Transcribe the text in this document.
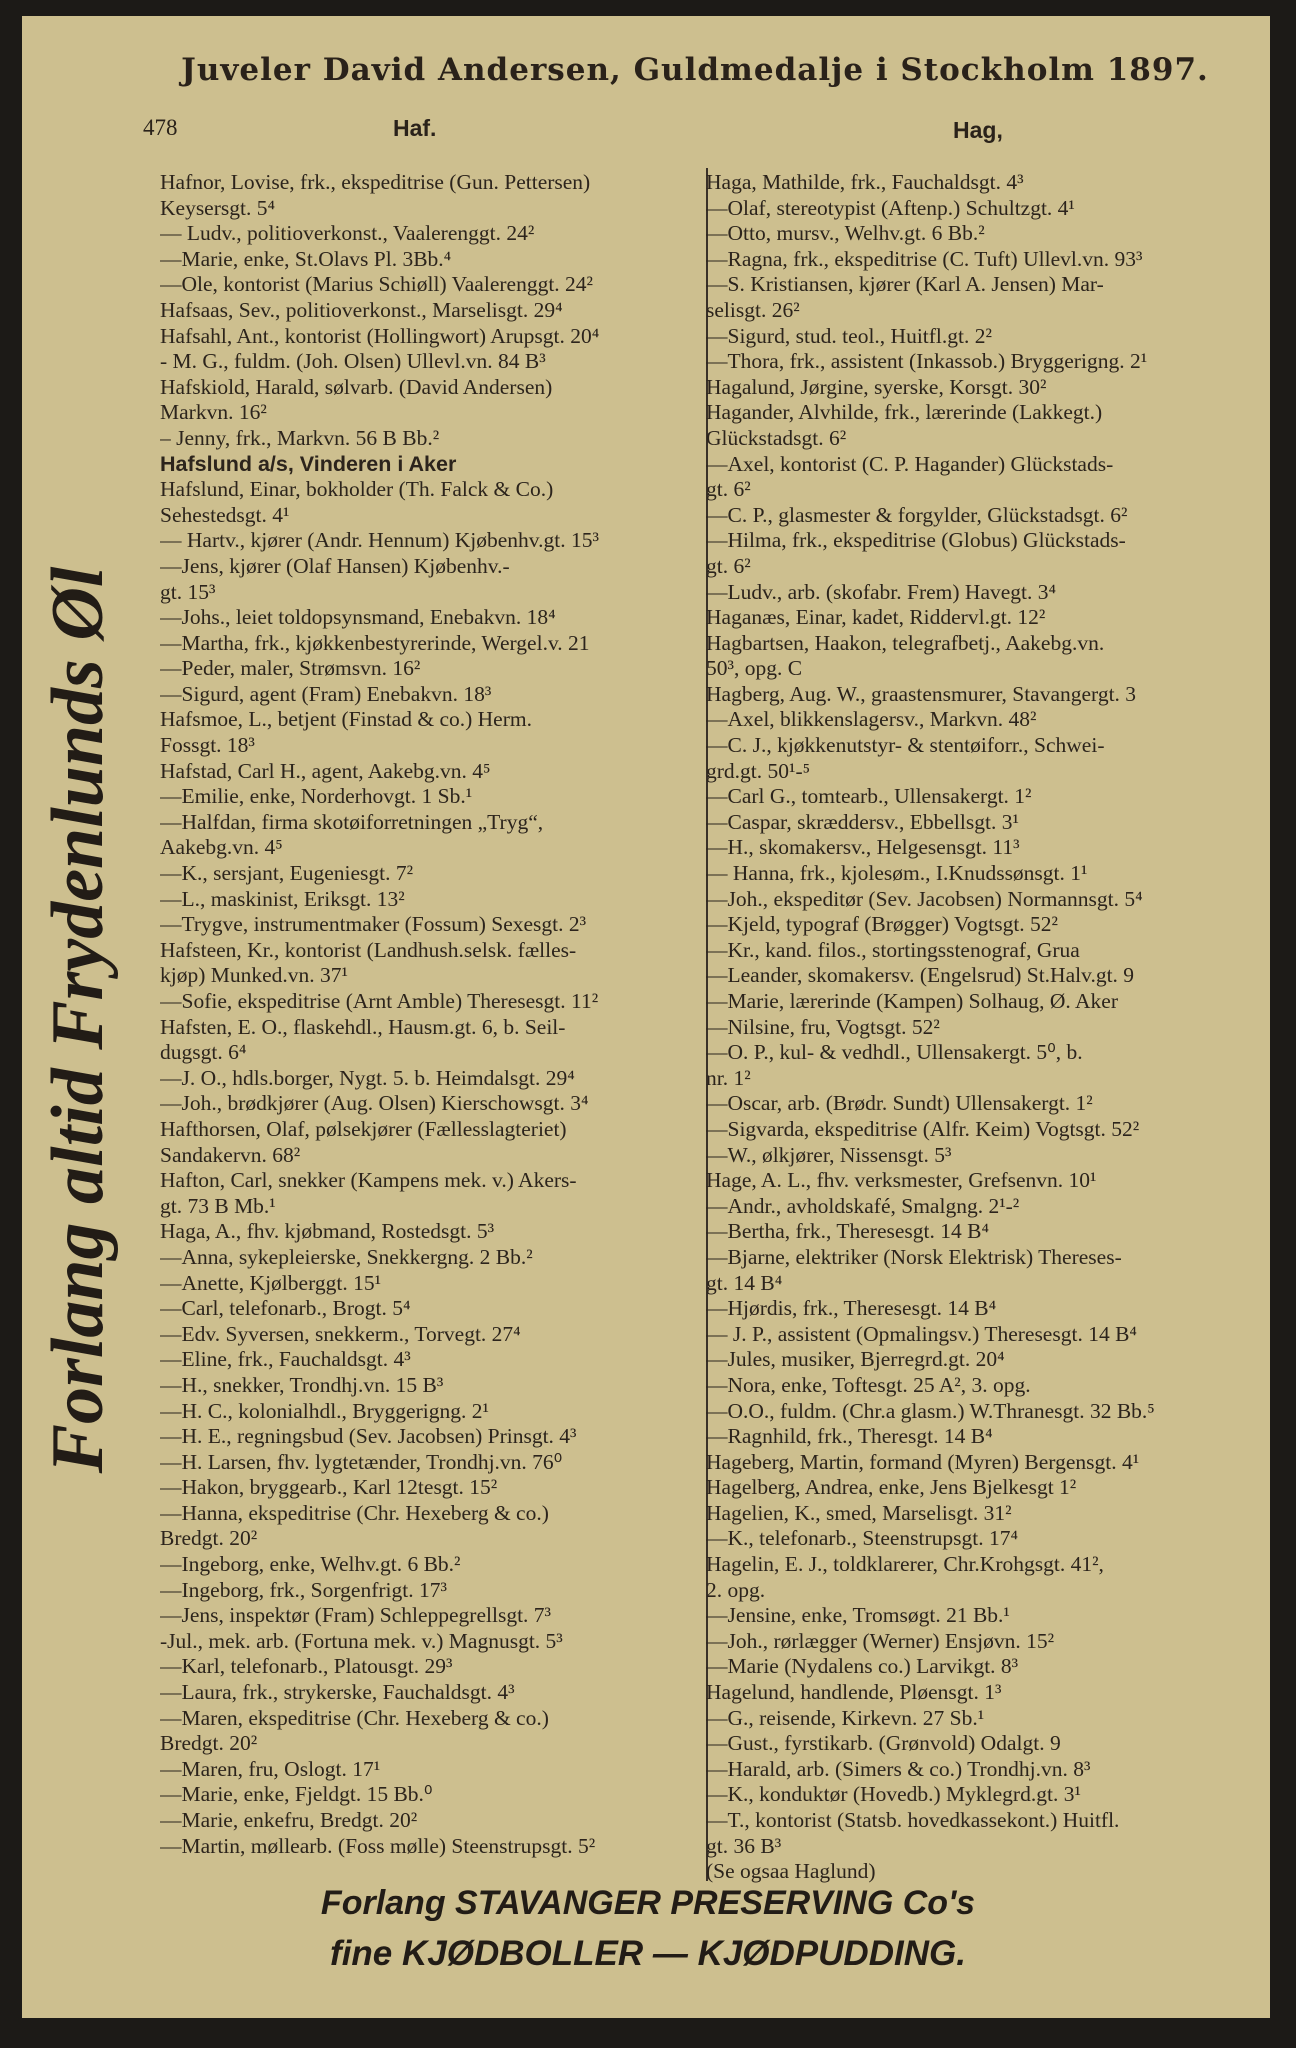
Juveler David Andersen, Guldmedalje i Stockholm 1897.
478	Haf.	Hag,
Forlang altid Frydenlunds Øl
Hafnor, Lovise, frk., ekspeditrise (Gun. Pettersen)
Keysersgt. 5⁴
— Ludv., politioverkonst., Vaalerenggt. 24²
—Marie, enke, St.Olavs Pl. 3Bb.⁴
—Ole, kontorist (Marius Schiøll) Vaalerenggt. 24²
Hafsaas, Sev., politioverkonst., Marselisgt. 29⁴
Hafsahl, Ant., kontorist (Hollingwort) Arupsgt. 20⁴
- M. G., fuldm. (Joh. Olsen) Ullevl.vn. 84 B³
Hafskiold, Harald, sølvarb. (David Andersen)
Markvn. 16²
– Jenny, frk., Markvn. 56 B Bb.²
Hafslund a/s, Vinderen i Aker
Hafslund, Einar, bokholder (Th. Falck & Co.)
Sehestedsgt. 4¹
— Hartv., kjører (Andr. Hennum) Kjøbenhv.gt. 15³
—Jens, kjører (Olaf Hansen) Kjøbenhv.-
gt. 15³
—Johs., leiet toldopsynsmand, Enebakvn. 18⁴
—Martha, frk., kjøkkenbestyrerinde, Wergel.v. 21
—Peder, maler, Strømsvn. 16²
—Sigurd, agent (Fram) Enebakvn. 18³
Hafsmoe, L., betjent (Finstad & co.) Herm.
Fossgt. 18³
Hafstad, Carl H., agent, Aakebg.vn. 4⁵
—Emilie, enke, Norderhovgt. 1 Sb.¹
—Halfdan, firma skotøiforretningen „Tryg“,
Aakebg.vn. 4⁵
—K., sersjant, Eugeniesgt. 7²
—L., maskinist, Eriksgt. 13²
—Trygve, instrumentmaker (Fossum) Sexesgt. 2³
Hafsteen, Kr., kontorist (Landhush.selsk. fælles-
kjøp) Munked.vn. 37¹
—Sofie, ekspeditrise (Arnt Amble) Theresesgt. 11²
Hafsten, E. O., flaskehdl., Hausm.gt. 6, b. Seil-
dugsgt. 6⁴
—J. O., hdls.borger, Nygt. 5. b. Heimdalsgt. 29⁴
—Joh., brødkjører (Aug. Olsen) Kierschowsgt. 3⁴
Hafthorsen, Olaf, pølsekjører (Fællesslagteriet)
Sandakervn. 68²
Hafton, Carl, snekker (Kampens mek. v.) Akers-
gt. 73 B Mb.¹
Haga, A., fhv. kjøbmand, Rostedsgt. 5³
—Anna, sykepleierske, Snekkergng. 2 Bb.²
—Anette, Kjølberggt. 15¹
—Carl, telefonarb., Brogt. 5⁴
—Edv. Syversen, snekkerm., Torvegt. 27⁴
—Eline, frk., Fauchaldsgt. 4³
—H., snekker, Trondhj.vn. 15 B³
—H. C., kolonialhdl., Bryggerigng. 2¹
—H. E., regningsbud (Sev. Jacobsen) Prinsgt. 4³
—H. Larsen, fhv. lygtetænder, Trondhj.vn. 76⁰
—Hakon, bryggearb., Karl 12tesgt. 15²
—Hanna, ekspeditrise (Chr. Hexeberg & co.)
Bredgt. 20²
—Ingeborg, enke, Welhv.gt. 6 Bb.²
—Ingeborg, frk., Sorgenfrigt. 17³
—Jens, inspektør (Fram) Schleppegrellsgt. 7³
-Jul., mek. arb. (Fortuna mek. v.) Magnusgt. 5³
—Karl, telefonarb., Platousgt. 29³
—Laura, frk., strykerske, Fauchaldsgt. 4³
—Maren, ekspeditrise (Chr. Hexeberg & co.)
Bredgt. 20²
—Maren, fru, Oslogt. 17¹
—Marie, enke, Fjeldgt. 15 Bb.⁰
—Marie, enkefru, Bredgt. 20²
—Martin, møllearb. (Foss mølle) Steenstrupsgt. 5²
Haga, Mathilde, frk., Fauchaldsgt. 4³
—Olaf, stereotypist (Aftenp.) Schultzgt. 4¹
—Otto, mursv., Welhv.gt. 6 Bb.²
—Ragna, frk., ekspeditrise (C. Tuft) Ullevl.vn. 93³
—S. Kristiansen, kjører (Karl A. Jensen) Mar-
selisgt. 26²
—Sigurd, stud. teol., Huitfl.gt. 2²
—Thora, frk., assistent (Inkassob.) Bryggerigng. 2¹
Hagalund, Jørgine, syerske, Korsgt. 30²
Hagander, Alvhilde, frk., lærerinde (Lakkegt.)
Glückstadsgt. 6²
—Axel, kontorist (C. P. Hagander) Glückstads-
gt. 6²
—C. P., glasmester & forgylder, Glückstadsgt. 6²
—Hilma, frk., ekspeditrise (Globus) Glückstads-
gt. 6²
—Ludv., arb. (skofabr. Frem) Havegt. 3⁴
Haganæs, Einar, kadet, Riddervl.gt. 12²
Hagbartsen, Haakon, telegrafbetj., Aakebg.vn.
50³, opg. C
Hagberg, Aug. W., graastensmurer, Stavangergt. 3
—Axel, blikkenslagersv., Markvn. 48²
—C. J., kjøkkenutstyr- & stentøiforr., Schwei-
grd.gt. 50¹-⁵
—Carl G., tomtearb., Ullensakergt. 1²
—Caspar, skræddersv., Ebbellsgt. 3¹
—H., skomakersv., Helgesensgt. 11³
— Hanna, frk., kjolesøm., I.Knudssønsgt. 1¹
—Joh., ekspeditør (Sev. Jacobsen) Normannsgt. 5⁴
—Kjeld, typograf (Brøgger) Vogtsgt. 52²
—Kr., kand. filos., stortingsstenograf, Grua
—Leander, skomakersv. (Engelsrud) St.Halv.gt. 9
—Marie, lærerinde (Kampen) Solhaug, Ø. Aker
—Nilsine, fru, Vogtsgt. 52²
—O. P., kul- & vedhdl., Ullensakergt. 5⁰, b.
nr. 1²
—Oscar, arb. (Brødr. Sundt) Ullensakergt. 1²
—Sigvarda, ekspeditrise (Alfr. Keim) Vogtsgt. 52²
—W., ølkjører, Nissensgt. 5³
Hage, A. L., fhv. verksmester, Grefsenvn. 10¹
—Andr., avholdskafé, Smalgng. 2¹-²
—Bertha, frk., Theresesgt. 14 B⁴
—Bjarne, elektriker (Norsk Elektrisk) Thereses-
gt. 14 B⁴
—Hjørdis, frk., Theresesgt. 14 B⁴
— J. P., assistent (Opmalingsv.) Theresesgt. 14 B⁴
—Jules, musiker, Bjerregrd.gt. 20⁴
—Nora, enke, Toftesgt. 25 A², 3. opg.
—O.O., fuldm. (Chr.a glasm.) W.Thranesgt. 32 Bb.⁵
—Ragnhild, frk., Theresgt. 14 B⁴
Hageberg, Martin, formand (Myren) Bergensgt. 4¹
Hagelberg, Andrea, enke, Jens Bjelkesgt 1²
Hagelien, K., smed, Marselisgt. 31²
—K., telefonarb., Steenstrupsgt. 17⁴
Hagelin, E. J., toldklarerer, Chr.Krohgsgt. 41²,
2. opg.
—Jensine, enke, Tromsøgt. 21 Bb.¹
—Joh., rørlægger (Werner) Ensjøvn. 15²
—Marie (Nydalens co.) Larvikgt. 8³
Hagelund, handlende, Pløensgt. 1³
—G., reisende, Kirkevn. 27 Sb.¹
—Gust., fyrstikarb. (Grønvold) Odalgt. 9
—Harald, arb. (Simers & co.) Trondhj.vn. 8³
—K., konduktør (Hovedb.) Myklegrd.gt. 3¹
—T., kontorist (Statsb. hovedkassekont.) Huitfl.
gt. 36 B³
(Se ogsaa Haglund)
Forlang STAVANGER PRESERVING Co's
fine KJØDBOLLER — KJØDPUDDING.
